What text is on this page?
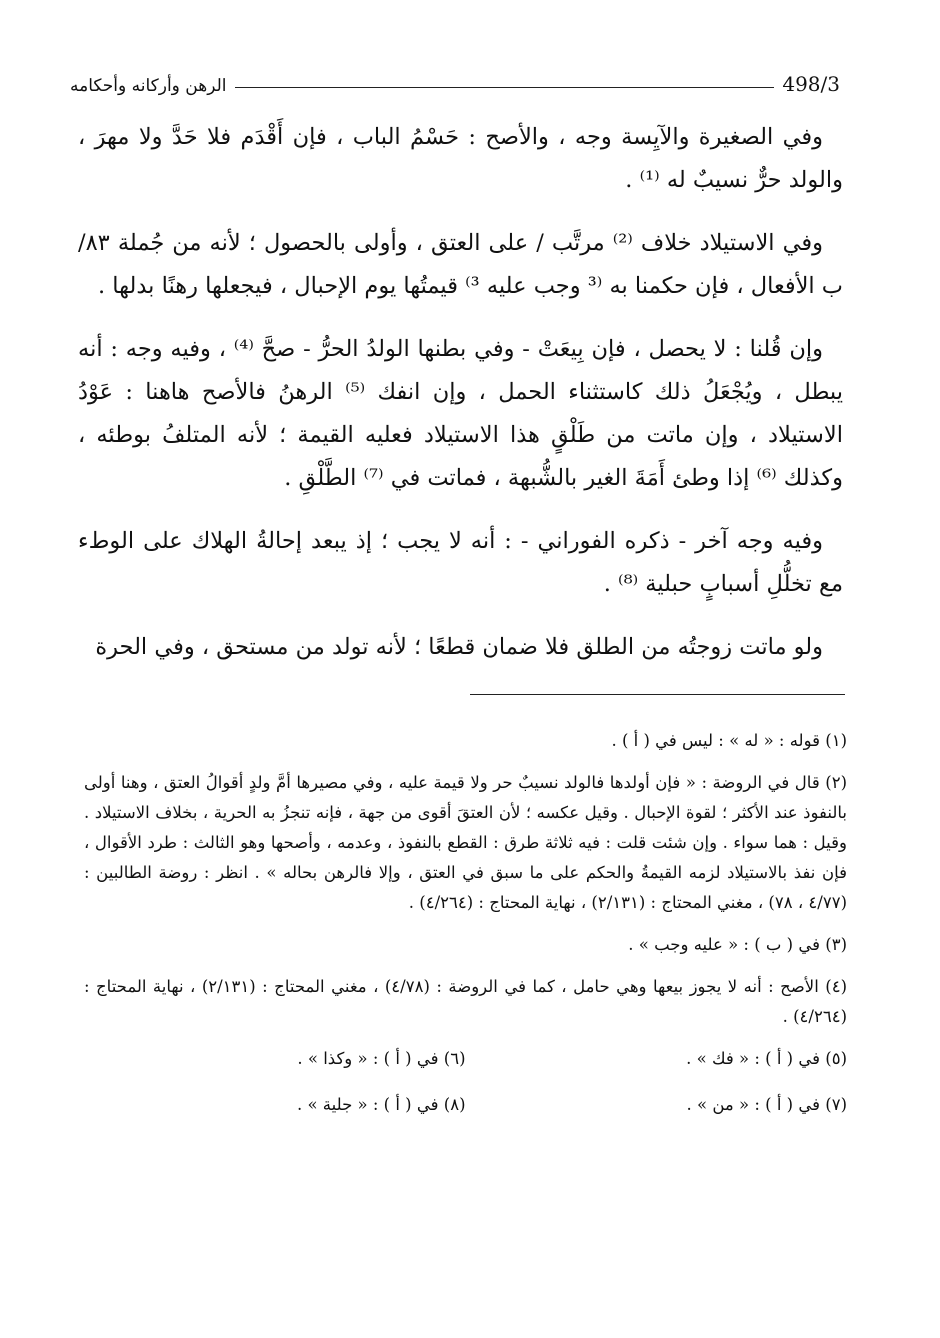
498/3
الرهن وأركانه وأحكامه

وفي الصغيرة والآيِسة وجه ، والأصح : حَسْمُ الباب ، فإن أَقْدَم فلا حَدَّ ولا مهرَ ، والولد حرٌّ نسيبٌ له ⁽¹⁾ .

وفي الاستيلاد خلاف ⁽²⁾ مرتَّب / على العتق ، وأولى بالحصول ؛ لأنه من جُملة ٨٣/ب الأفعال ، فإن حكمنا به ⁽³ وجب عليه ³⁾ قيمتُها يوم الإحبال ، فيجعلها رهنًا بدلها .

وإن قُلنا : لا يحصل ، فإن بِيعَتْ - وفي بطنها الولدُ الحرُّ - صحَّ ⁽⁴⁾ ، وفيه وجه : أنه يبطل ، ويُجْعَلُ ذلك كاستثناء الحمل ، وإن انفك ⁽⁵⁾ الرهنُ فالأصح هاهنا : عَوْدُ الاستيلاد ، وإن ماتت من طَلْقٍ هذا الاستيلاد فعليه القيمة ؛ لأنه المتلفُ بوطئه ، وكذلك ⁽⁶⁾ إذا وطئ أَمَةَ الغير بالشُّبهة ، فماتت في ⁽⁷⁾ الطَّلْقِ .

وفيه وجه آخر - ذكره الفوراني - : أنه لا يجب ؛ إذ يبعد إحالةُ الهلاك على الوطء مع تخلُّلِ أسبابٍ حبلية ⁽⁸⁾ .

ولو ماتت زوجتُه من الطلق فلا ضمان قطعًا ؛ لأنه تولد من مستحق ، وفي الحرة

(١) قوله : « له » : ليس في ( أ ) .

(٢) قال في الروضة : « فإن أولدها فالولد نسيبٌ حر ولا قيمة عليه ، وفي مصيرها أمَّ ولدٍ أقوالُ العتق ، وهنا أولى بالنفوذ عند الأكثر ؛ لقوة الإحبال . وقيل عكسه ؛ لأن العتقَ أقوى من جهة ، فإنه تنجزُ به الحرية ، بخلاف الاستيلاد . وقيل : هما سواء . وإن شئت قلت : فيه ثلاثة طرق : القطع بالنفوذ ، وعدمه ، وأصحها وهو الثالث : طرد الأقوال ، فإن نفذ بالاستيلاد لزمه القيمةُ والحكم على ما سبق في العتق ، وإلا فالرهن بحاله » . انظر : روضة الطالبين : (٤/٧٧ ، ٧٨) ، مغني المحتاج : (٢/١٣١) ، نهاية المحتاج : (٤/٢٦٤) .

(٣) في ( ب ) : « عليه وجب » .

(٤) الأصح : أنه لا يجوز بيعها وهي حامل ، كما في الروضة : (٤/٧٨) ، مغني المحتاج : (٢/١٣١) ، نهاية المحتاج : (٤/٢٦٤) .

(٥) في ( أ ) : « فك » .
(٦) في ( أ ) : « وكذا » .
(٧) في ( أ ) : « من » .
(٨) في ( أ ) : « جلية » .
